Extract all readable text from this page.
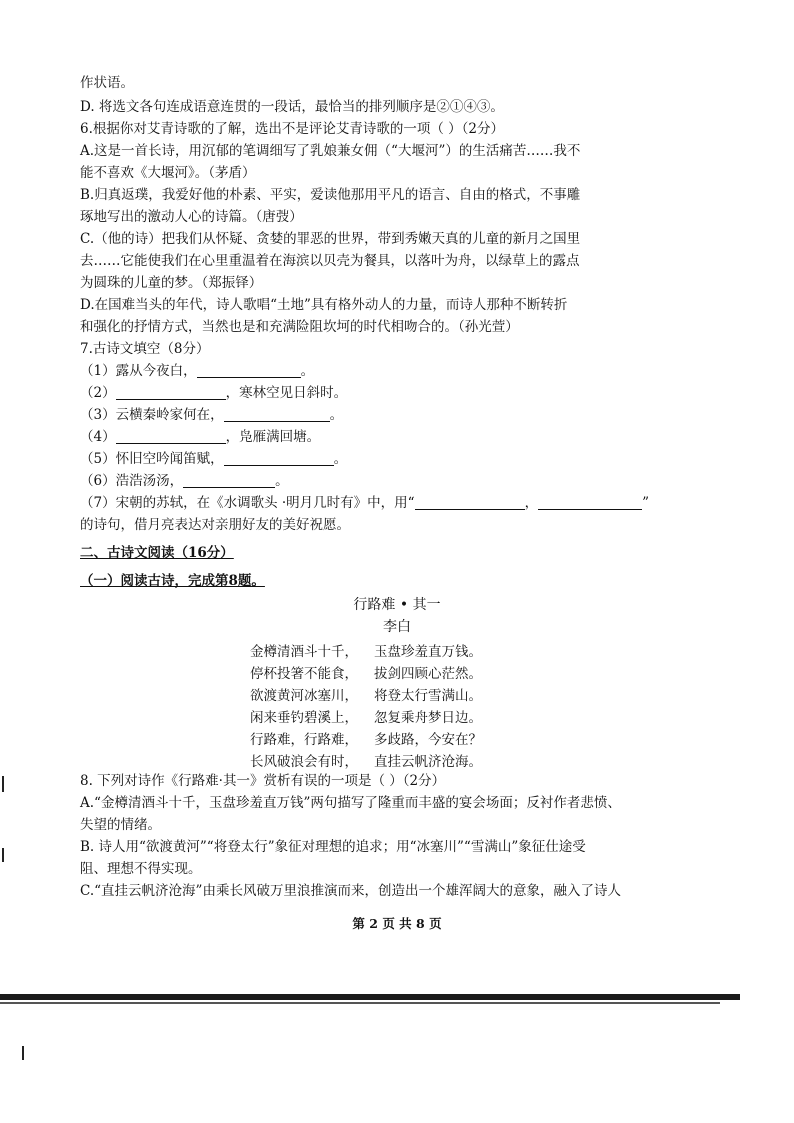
作状语。
D. 将选文各句连成语意连贯的一段话，最恰当的排列顺序是②①④③。
6.根据你对艾青诗歌的了解，选出不是评论艾青诗歌的一项（ ）（2分）
A.这是一首长诗，用沉郁的笔调细写了乳娘兼女佣（“大堰河”）的生活痛苦……我不
能不喜欢《大堰河》。（茅盾）
B.归真返璞，我爱好他的朴素、平实，爱读他那用平凡的语言、自由的格式，不事雕
琢地写出的激动人心的诗篇。（唐弢）
C.（他的诗）把我们从怀疑、贪婪的罪恶的世界，带到秀嫩天真的儿童的新月之国里
去……它能使我们在心里重温着在海滨以贝壳为餐具，以落叶为舟，以绿草上的露点
为圆珠的儿童的梦。（郑振铎）
D.在国难当头的年代，诗人歌唱“土地”具有格外动人的力量，而诗人那种不断转折
和强化的抒情方式，当然也是和充满险阻坎坷的时代相吻合的。（孙光萱）
7.古诗文填空（8分）
（1）露从今夜白，	。
（2）	，寒林空见日斜时。
（3）云横秦岭家何在，	。
（4）	，凫雁满回塘。
（5）怀旧空吟闻笛赋，	。
（6）浩浩汤汤，	。
（7）宋朝的苏轼，在《水调歌头 ·明月几时有》中，用“	，	”
的诗句，借月亮表达对亲朋好友的美好祝愿。
二、古诗文阅读（16分）
（一）阅读古诗，完成第8题。
行路难 • 其一
李白
金樽清酒斗十千， 玉盘珍羞直万钱。
停杯投箸不能食， 拔剑四顾心茫然。
欲渡黄河冰塞川， 将登太行雪满山。
闲来垂钓碧溪上， 忽复乘舟梦日边。
行路难，行路难， 多歧路，今安在？
长风破浪会有时， 直挂云帆济沧海。
8. 下列对诗作《行路难·其一》赏析有误的一项是（ ）（2分）
A.“金樽清酒斗十千，玉盘珍羞直万钱”两句描写了隆重而丰盛的宴会场面；反衬作者悲愤、
失望的情绪。
B. 诗人用“欲渡黄河”“将登太行”象征对理想的追求；用“冰塞川”“雪满山”象征仕途受
阻、理想不得实现。
C.“直挂云帆济沧海”由乘长风破万里浪推演而来，创造出一个雄浑阔大的意象，融入了诗人
第 2 页 共 8 页
